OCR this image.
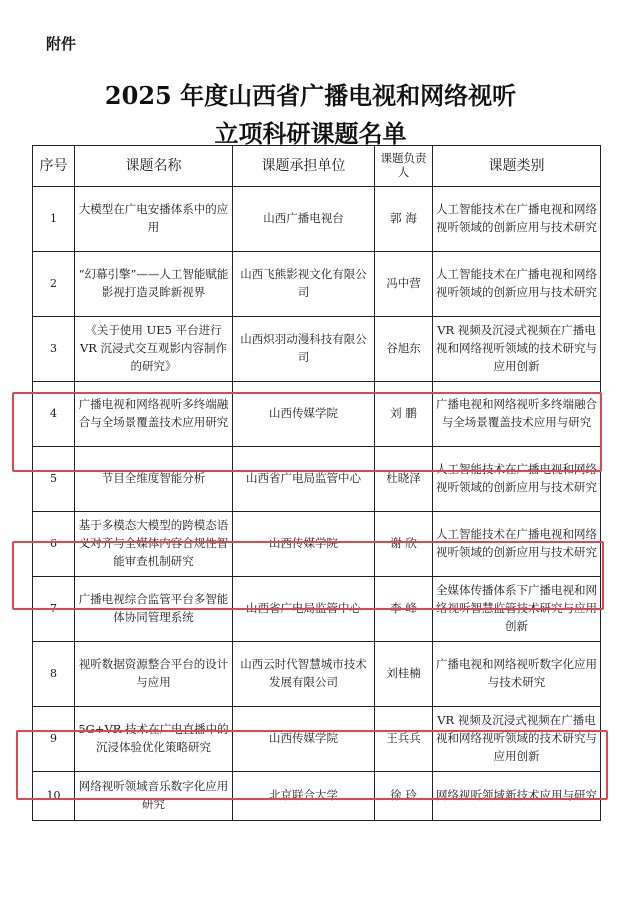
附件
2025 年度山西省广播电视和网络视听
立项科研课题名单
序号	课题名称	课题承担单位	课题负责人	课题类别
1	大模型在广电安播体系中的应用	山西广播电视台	郭 海	人工智能技术在广播电视和网络视听领域的创新应用与技术研究
2	“幻幕引擎”——人工智能赋能影视打造灵眸新视界	山西飞熊影视文化有限公司	冯中营	人工智能技术在广播电视和网络视听领域的创新应用与技术研究
3	《关于使用 UE5 平台进行 VR 沉浸式交互观影内容制作的研究》	山西炽羽动漫科技有限公司	谷旭东	VR 视频及沉浸式视频在广播电视和网络视听领域的技术研究与应用创新
4	广播电视和网络视听多终端融合与全场景覆盖技术应用研究	山西传媒学院	刘 鹏	广播电视和网络视听多终端融合与全场景覆盖技术应用与研究
5	节目全维度智能分析	山西省广电局监管中心	杜晓泽	人工智能技术在广播电视和网络视听领域的创新应用与技术研究
6	基于多模态大模型的跨模态语义对齐与全媒体内容合规性智能审查机制研究	山西传媒学院	谢 欣	人工智能技术在广播电视和网络视听领域的创新应用与技术研究
7	广播电视综合监管平台多智能体协同管理系统	山西省广电局监管中心	李 峰	全媒体传播体系下广播电视和网络视听智慧监管技术研究与应用创新
8	视听数据资源整合平台的设计与应用	山西云时代智慧城市技术发展有限公司	刘桂楠	广播电视和网络视听数字化应用与技术研究
9	5G+VR 技术在广电直播中的沉浸体验优化策略研究	山西传媒学院	王兵兵	VR 视频及沉浸式视频在广播电视和网络视听领域的技术研究与应用创新
10	网络视听领域音乐数字化应用研究	北京联合大学	徐 玲	网络视听领域新技术应用与研究
